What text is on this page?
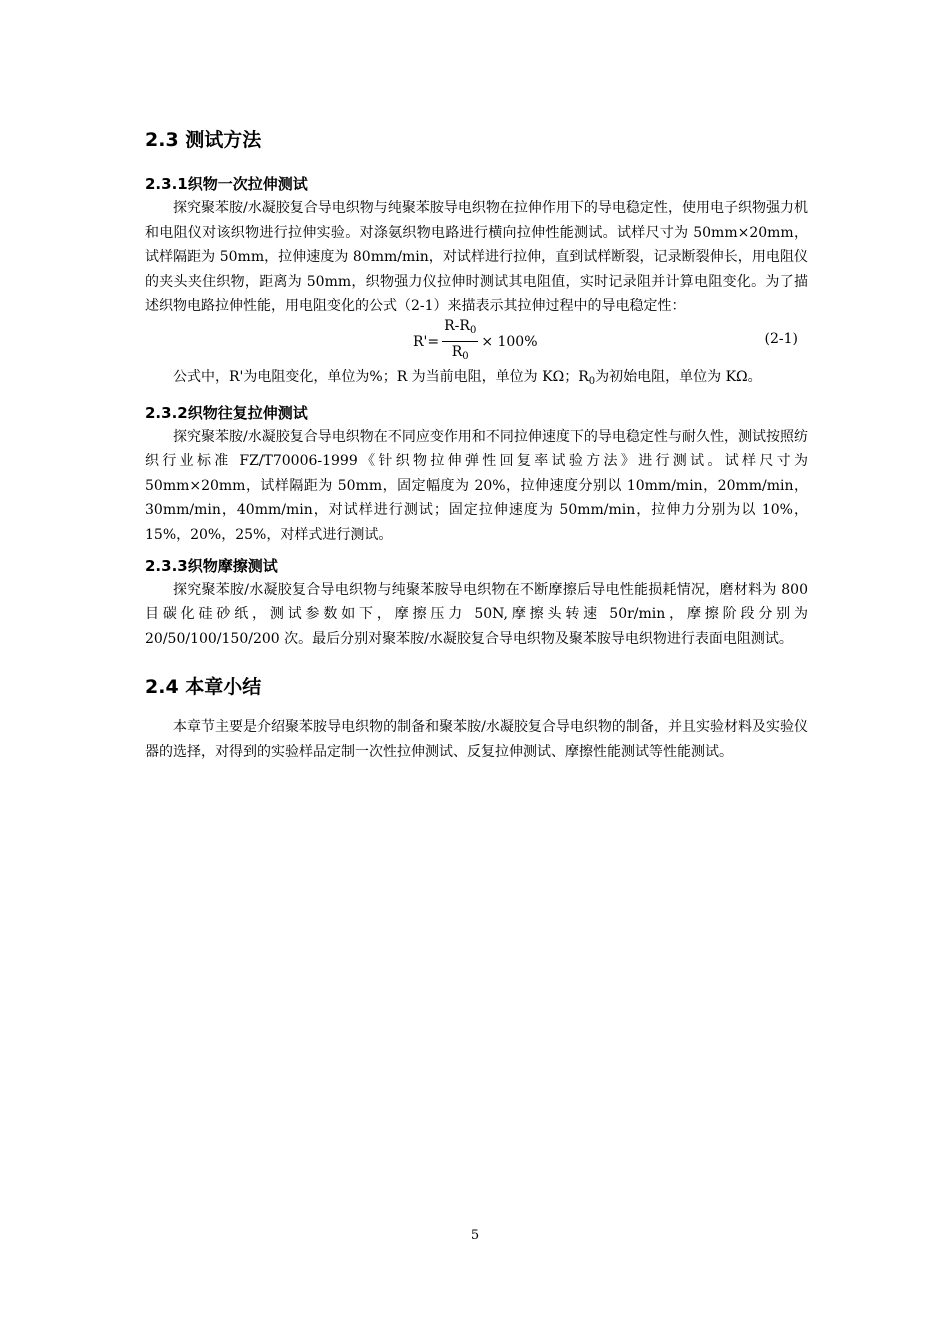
2.3 测试方法
2.3.1织物一次拉伸测试

探究聚苯胺/水凝胶复合导电织物与纯聚苯胺导电织物在拉伸作用下的导电稳定性，使用电子织物强力机和电阻仪对该织物进行拉伸实验。对涤氨织物电路进行横向拉伸性能测试。试样尺寸为 50mm×20mm，试样隔距为 50mm，拉伸速度为 80mm/min，对试样进行拉伸，直到试样断裂，记录断裂伸长，用电阻仪的夹头夹住织物，距离为 50mm，织物强力仪拉伸时测试其电阻值，实时记录阻并计算电阻变化。为了描述织物电路拉伸性能，用电阻变化的公式（2-1）来描表示其拉伸过程中的导电稳定性：

$R'= \frac{R-R_0}{R_0} \times 100\%$	(2-1)

公式中，R'为电阻变化，单位为%；R 为当前电阻，单位为 KΩ；$R_0$为初始电阻，单位为 KΩ。

2.3.2织物往复拉伸测试

探究聚苯胺/水凝胶复合导电织物在不同应变作用和不同拉伸速度下的导电稳定性与耐久性，测试按照纺织行业标准 FZ/T70006-1999《针织物拉伸弹性回复率试验方法》进行测试。试样尺寸为 50mm×20mm，试样隔距为 50mm，固定幅度为 20%，拉伸速度分别以 10mm/min，20mm/min，30mm/min，40mm/min，对试样进行测试；固定拉伸速度为 50mm/min，拉伸力分别为以 10%，15%，20%，25%，对样式进行测试。

2.3.3织物摩擦测试

探究聚苯胺/水凝胶复合导电织物与纯聚苯胺导电织物在不断摩擦后导电性能损耗情况，磨材料为 800 目碳化硅砂纸，测试参数如下，摩擦压力 50N,摩擦头转速 50r/min，摩擦阶段分别为 20/50/100/150/200 次。最后分别对聚苯胺/水凝胶复合导电织物及聚苯胺导电织物进行表面电阻测试。

2.4 本章小结

本章节主要是介绍聚苯胺导电织物的制备和聚苯胺/水凝胶复合导电织物的制备，并且实验材料及实验仪器的选择，对得到的实验样品定制一次性拉伸测试、反复拉伸测试、摩擦性能测试等性能测试。

5
